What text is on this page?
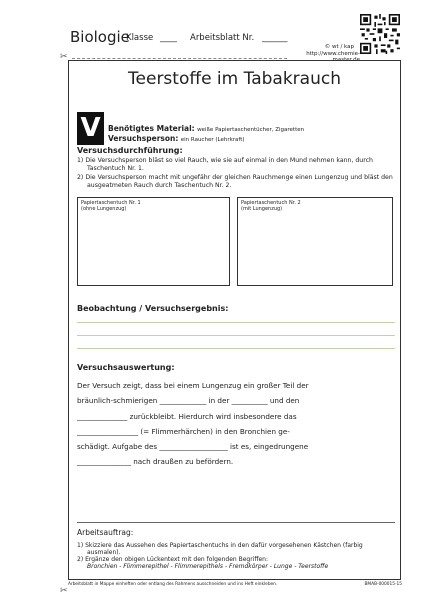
Biologie
Klasse ____ Arbeitsblatt Nr. ______
© wt / kap
http://www.chemie-master.de
✂
✂
Teerstoffe im Tabakrauch
V Benötigtes Material: weiße Papiertaschentücher, Zigaretten
Versuchsperson: ein Raucher (Lehrkraft)
Versuchsdurchführung:
1) Die Versuchsperson bläst so viel Rauch, wie sie auf einmal in den Mund nehmen kann, durch Taschentuch Nr. 1.
2) Die Versuchsperson macht mit ungefähr der gleichen Rauchmenge einen Lungenzug und bläst den ausgeatmeten Rauch durch Taschentuch Nr. 2.
Papiertaschentuch Nr. 1
(ohne Lungenzug)
Papiertaschentuch Nr. 2
(mit Lungenzug)
Beobachtung / Versuchsergebnis:
Versuchsauswertung:
Der Versuch zeigt, dass bei einem Lungenzug ein großer Teil der
bräunlich-schmierigen _____________ in der __________ und den
______________ zurückbleibt. Hierdurch wird insbesondere das
_________________ (= Flimmerhärchen) in den Bronchien ge-
schädigt. Aufgabe des ___________________ ist es, eingedrungene
_______________ nach draußen zu befördern.
Arbeitsauftrag:
1) Skizziere das Aussehen des Papiertaschentuchs in den dafür vorgesehenen Kästchen (farbig ausmalen).
2) Ergänze den obigen Lückentext mit den folgenden Begriffen:
Bronchien - Flimmerepithel - Flimmerepithels - Fremdkörper - Lunge - Teerstoffe
Arbeitsblatt in Mappe einheften oder entlang des Rahmens ausschneiden und ins Heft einkleben.	BMAB-000015-15
